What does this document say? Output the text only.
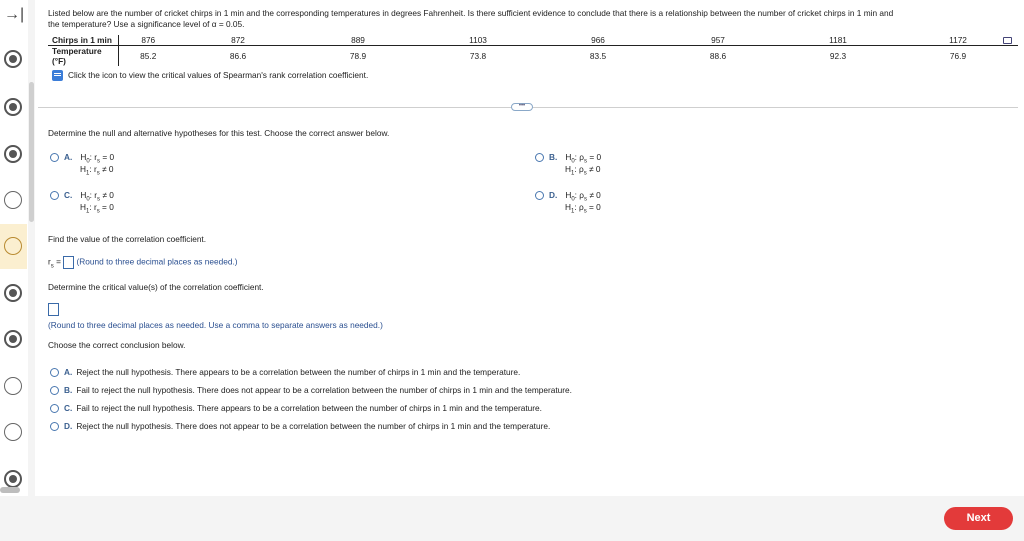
→|	Listed below are the number of cricket chirps in 1 min and the corresponding temperatures in degrees Fahrenheit. Is there sufficient evidence to conclude that there is a relationship between the number of cricket chirps in 1 min and
the temperature? Use a significance level of α = 0.05.
Chirps in 1 min	876	872	889	1103	966	957	1181	1172
Temperature (°F)	85.2	86.6	78.9	73.8	83.5	88.6	92.3	76.9
Click the icon to view the critical values of Spearman's rank correlation coefficient.
•••
Determine the null and alternative hypotheses for this test. Choose the correct answer below.
A. $H_0$: $r_s = 0$
$H_1$: $r_s \ne 0$
B. $H_0$: $\rho_s = 0$
$H_1$: $\rho_s \ne 0$
C. $H_0$: $r_s \ne 0$
$H_1$: $r_s = 0$
D. $H_0$: $\rho_s \ne 0$
$H_1$: $\rho_s = 0$
Find the value of the correlation coefficient.
$r_s$ = (Round to three decimal places as needed.)
Determine the critical value(s) of the correlation coefficient.
(Round to three decimal places as needed. Use a comma to separate answers as needed.)
Choose the correct conclusion below.
A. Reject the null hypothesis. There appears to be a correlation between the number of chirps in 1 min and the temperature.
B. Fail to reject the null hypothesis. There does not appear to be a correlation between the number of chirps in 1 min and the temperature.
C. Fail to reject the null hypothesis. There appears to be a correlation between the number of chirps in 1 min and the temperature.
D. Reject the null hypothesis. There does not appear to be a correlation between the number of chirps in 1 min and the temperature.
Next
